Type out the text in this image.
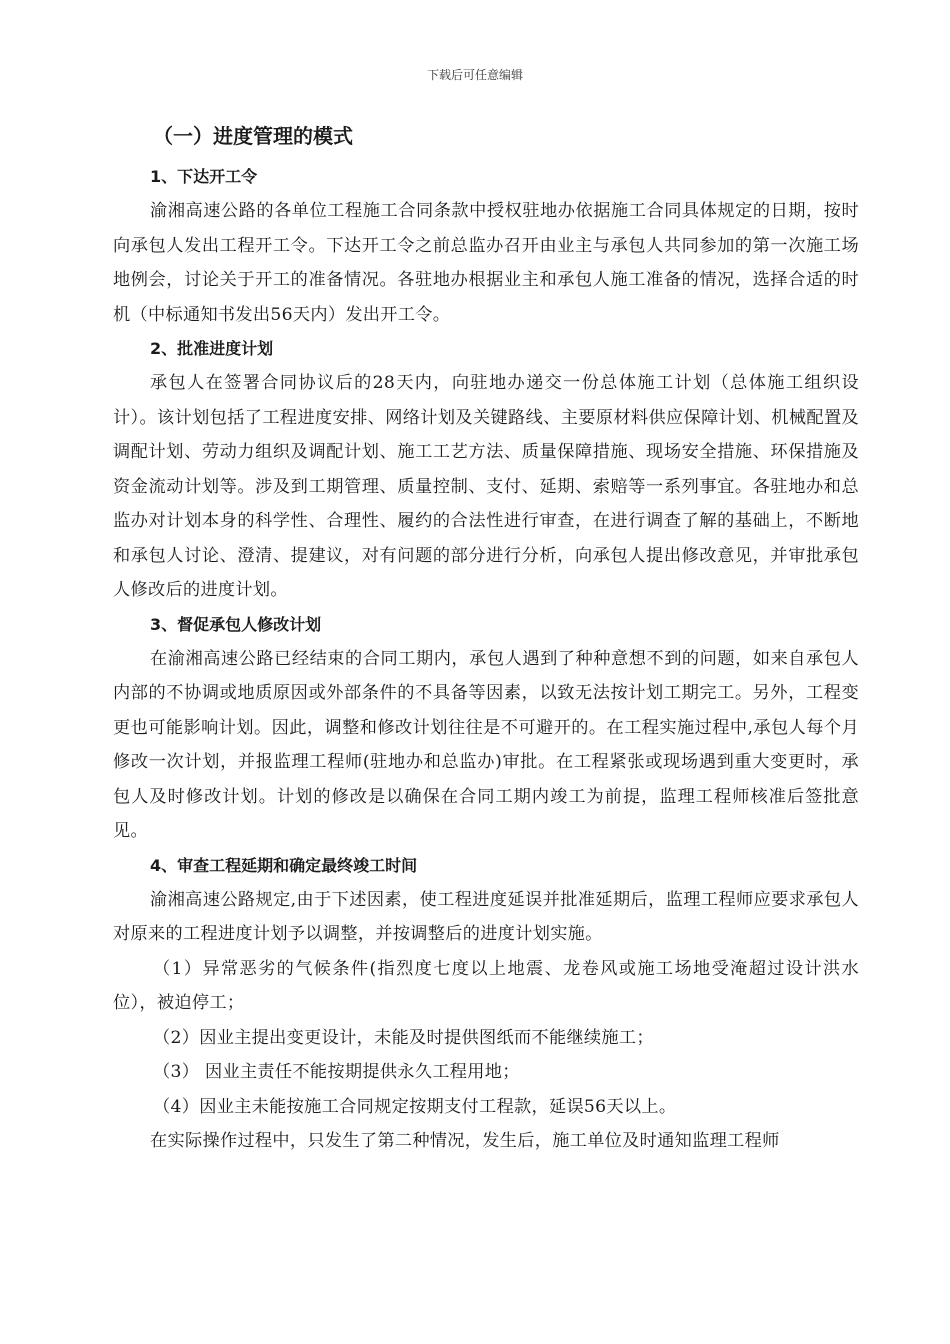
下载后可任意编辑
（一）进度管理的模式
1、下达开工令

渝湘高速公路的各单位工程施工合同条款中授权驻地办依据施工合同具体规定的日期，按时向承包人发出工程开工令。下达开工令之前总监办召开由业主与承包人共同参加的第一次施工场地例会，讨论关于开工的准备情况。各驻地办根据业主和承包人施工准备的情况，选择合适的时机（中标通知书发出56天内）发出开工令。

2、批准进度计划

承包人在签署合同协议后的28天内，向驻地办递交一份总体施工计划（总体施工组织设计）。该计划包括了工程进度安排、网络计划及关键路线、主要原材料供应保障计划、机械配置及调配计划、劳动力组织及调配计划、施工工艺方法、质量保障措施、现场安全措施、环保措施及资金流动计划等。涉及到工期管理、质量控制、支付、延期、索赔等一系列事宜。各驻地办和总监办对计划本身的科学性、合理性、履约的合法性进行审查，在进行调查了解的基础上，不断地和承包人讨论、澄清、提建议，对有问题的部分进行分析，向承包人提出修改意见，并审批承包人修改后的进度计划。

3、督促承包人修改计划

在渝湘高速公路已经结束的合同工期内，承包人遇到了种种意想不到的问题，如来自承包人内部的不协调或地质原因或外部条件的不具备等因素，以致无法按计划工期完工。另外，工程变更也可能影响计划。因此，调整和修改计划往往是不可避开的。在工程实施过程中,承包人每个月修改一次计划，并报监理工程师(驻地办和总监办)审批。在工程紧张或现场遇到重大变更时，承包人及时修改计划。计划的修改是以确保在合同工期内竣工为前提，监理工程师核准后签批意见。

4、审查工程延期和确定最终竣工时间

渝湘高速公路规定,由于下述因素，使工程进度延误并批准延期后，监理工程师应要求承包人对原来的工程进度计划予以调整，并按调整后的进度计划实施。

（1）异常恶劣的气候条件(指烈度七度以上地震、龙卷风或施工场地受淹超过设计洪水位），被迫停工；

（2）因业主提出变更设计，未能及时提供图纸而不能继续施工；

（3） 因业主责任不能按期提供永久工程用地；

（4）因业主未能按施工合同规定按期支付工程款，延误56天以上。

在实际操作过程中，只发生了第二种情况，发生后，施工单位及时通知监理工程师
